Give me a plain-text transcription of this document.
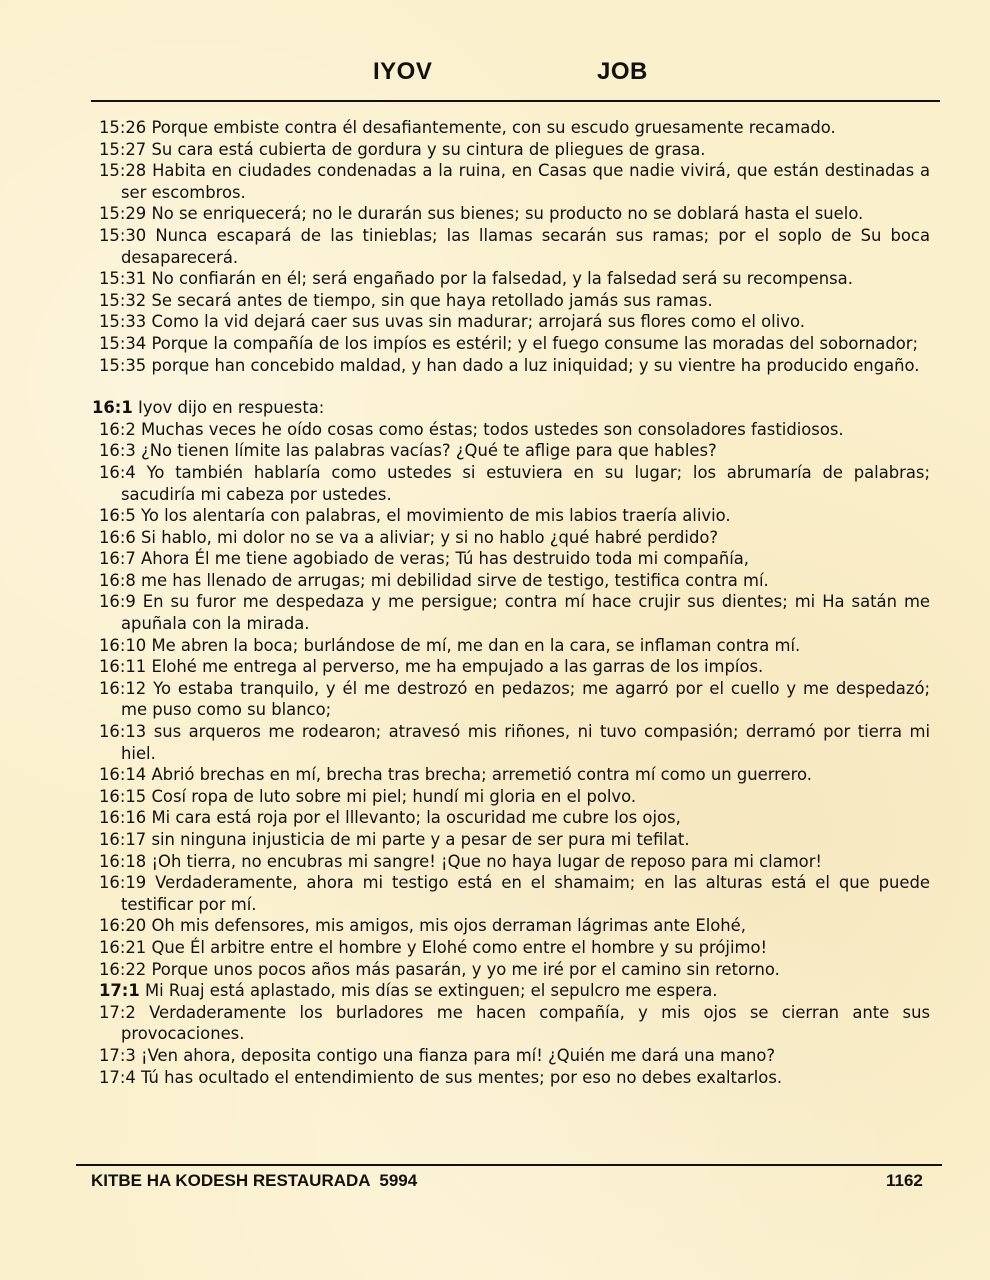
IYOV	JOB

15:26 Porque embiste contra él desafiantemente, con su escudo gruesamente recamado.

15:27 Su cara está cubierta de gordura y su cintura de pliegues de grasa.

15:28 Habita en ciudades condenadas a la ruina, en Casas que nadie vivirá, que están destinadas a ser escombros.

15:29 No se enriquecerá; no le durarán sus bienes; su producto no se doblará hasta el suelo.

15:30 Nunca escapará de las tinieblas; las llamas secarán sus ramas; por el soplo de Su boca desaparecerá.

15:31 No confiarán en él; será engañado por la falsedad, y la falsedad será su recompensa.

15:32 Se secará antes de tiempo, sin que haya retollado jamás sus ramas.

15:33 Como la vid dejará caer sus uvas sin madurar; arrojará sus flores como el olivo.

15:34 Porque la compañía de los impíos es estéril; y el fuego consume las moradas del sobornador;

15:35 porque han concebido maldad, y han dado a luz iniquidad; y su vientre ha producido engaño.

16:1 Iyov dijo en respuesta:

16:2 Muchas veces he oído cosas como éstas; todos ustedes son consoladores fastidiosos.

16:3 ¿No tienen límite las palabras vacías? ¿Qué te aflige para que hables?

16:4 Yo también hablaría como ustedes si estuviera en su lugar; los abrumaría de palabras; sacudiría mi cabeza por ustedes.

16:5 Yo los alentaría con palabras, el movimiento de mis labios traería alivio.

16:6 Si hablo, mi dolor no se va a aliviar; y si no hablo ¿qué habré perdido?

16:7 Ahora Él me tiene agobiado de veras; Tú has destruido toda mi compañía,

16:8 me has llenado de arrugas; mi debilidad sirve de testigo, testifica contra mí.

16:9 En su furor me despedaza y me persigue; contra mí hace crujir sus dientes; mi Ha satán me apuñala con la mirada.

16:10 Me abren la boca; burlándose de mí, me dan en la cara, se inflaman contra mí.

16:11 Elohé me entrega al perverso, me ha empujado a las garras de los impíos.

16:12 Yo estaba tranquilo, y él me destrozó en pedazos; me agarró por el cuello y me despedazó; me puso como su blanco;

16:13 sus arqueros me rodearon; atravesó mis riñones, ni tuvo compasión; derramó por tierra mi hiel.

16:14 Abrió brechas en mí, brecha tras brecha; arremetió contra mí como un guerrero.

16:15 Cosí ropa de luto sobre mi piel; hundí mi gloria en el polvo.

16:16 Mi cara está roja por el lllevanto; la oscuridad me cubre los ojos,

16:17 sin ninguna injusticia de mi parte y a pesar de ser pura mi tefilat.

16:18 ¡Oh tierra, no encubras mi sangre! ¡Que no haya lugar de reposo para mi clamor!

16:19 Verdaderamente, ahora mi testigo está en el shamaim; en las alturas está el que puede testificar por mí.

16:20 Oh mis defensores, mis amigos, mis ojos derraman lágrimas ante Elohé,

16:21 Que Él arbitre entre el hombre y Elohé como entre el hombre y su prójimo!

16:22 Porque unos pocos años más pasarán, y yo me iré por el camino sin retorno.

17:1 Mi Ruaj está aplastado, mis días se extinguen; el sepulcro me espera.

17:2 Verdaderamente los burladores me hacen compañía, y mis ojos se cierran ante sus provocaciones.

17:3 ¡Ven ahora, deposita contigo una fianza para mí! ¿Quién me dará una mano?

17:4 Tú has ocultado el entendimiento de sus mentes; por eso no debes exaltarlos.

KITBE HA KODESH RESTAURADA  5994	1162
